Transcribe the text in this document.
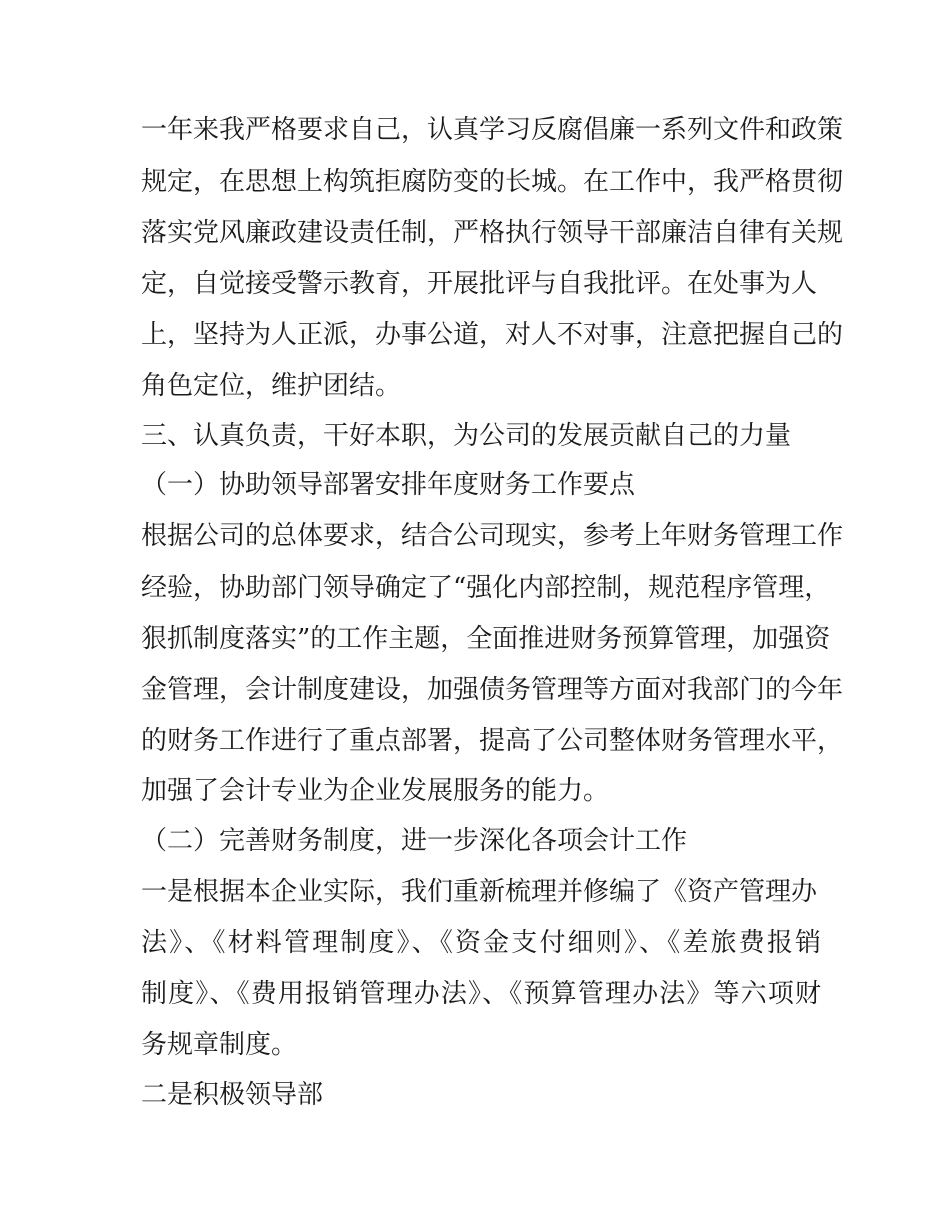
一年来我严格要求自己，认真学习反腐倡廉一系列文件和政策
规定，在思想上构筑拒腐防变的长城。在工作中，我严格贯彻
落实党风廉政建设责任制，严格执行领导干部廉洁自律有关规
定，自觉接受警示教育，开展批评与自我批评。在处事为人
上，坚持为人正派，办事公道，对人不对事，注意把握自己的
角色定位，维护团结。
三、认真负责，干好本职，为公司的发展贡献自己的力量
（一）协助领导部署安排年度财务工作要点
根据公司的总体要求，结合公司现实，参考上年财务管理工作
经验，协助部门领导确定了“强化内部控制，规范程序管理，
狠抓制度落实”的工作主题，全面推进财务预算管理，加强资
金管理，会计制度建设，加强债务管理等方面对我部门的今年
的财务工作进行了重点部署，提高了公司整体财务管理水平，
加强了会计专业为企业发展服务的能力。
（二）完善财务制度，进一步深化各项会计工作
一是根据本企业实际，我们重新梳理并修编了《资产管理办
法》、《材料管理制度》、《资金支付细则》、《差旅费报销
制度》、《费用报销管理办法》、《预算管理办法》等六项财
务规章制度。
二是积极领导部
